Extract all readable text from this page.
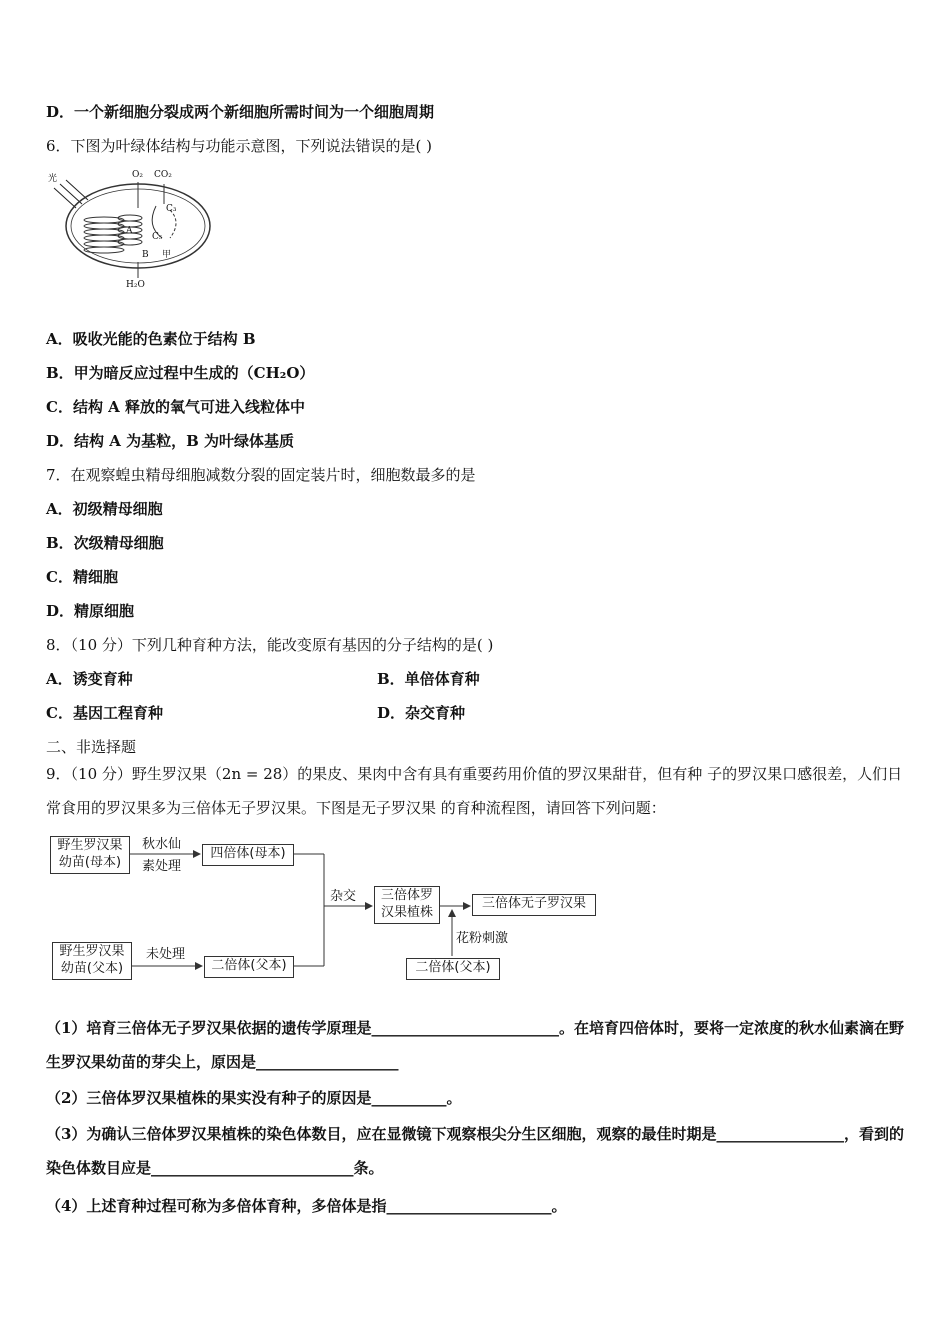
D．一个新细胞分裂成两个新细胞所需时间为一个细胞周期
6．下图为叶绿体结构与功能示意图，下列说法错误的是( )
光	O₂ CO₂
C₃
C₅
A
B 甲
H₂O
A．吸收光能的色素位于结构 B
B．甲为暗反应过程中生成的（CH₂O）
C．结构 A 释放的氧气可进入线粒体中
D．结构 A 为基粒，B 为叶绿体基质
7．在观察蝗虫精母细胞减数分裂的固定装片时，细胞数最多的是
A．初级精母细胞
B．次级精母细胞
C．精细胞
D．精原细胞
8．（10 分）下列几种育种方法，能改变原有基因的分子结构的是( )
A．诱变育种	B．单倍体育种
C．基因工程育种	D．杂交育种
二、非选择题
9．（10 分）野生罗汉果（2n = 28）的果皮、果肉中含有具有重要药用价值的罗汉果甜苷，但有种 子的罗汉果口感很差，人们日常食用的罗汉果多为三倍体无子罗汉果。下图是无子罗汉果 的育种流程图，请回答下列问题：
野生罗汉果
幼苗(母本)
秋水仙
素处理
四倍体(母本)
杂交	三倍体罗
汉果植株
三倍体无子罗汉果
花粉刺激
野生罗汉果
幼苗(父本)
未处理
二倍体(父本)	二倍体(父本)
（1）培育三倍体无子罗汉果依据的遗传学原理是_________________________。在培育四倍体时，要将一定浓度的秋水仙素滴在野生罗汉果幼苗的芽尖上，原因是___________________
（2）三倍体罗汉果植株的果实没有种子的原因是__________。
（3）为确认三倍体罗汉果植株的染色体数目，应在显微镜下观察根尖分生区细胞，观察的最佳时期是_________________，看到的染色体数目应是___________________________条。
（4）上述育种过程可称为多倍体育种，多倍体是指______________________。
